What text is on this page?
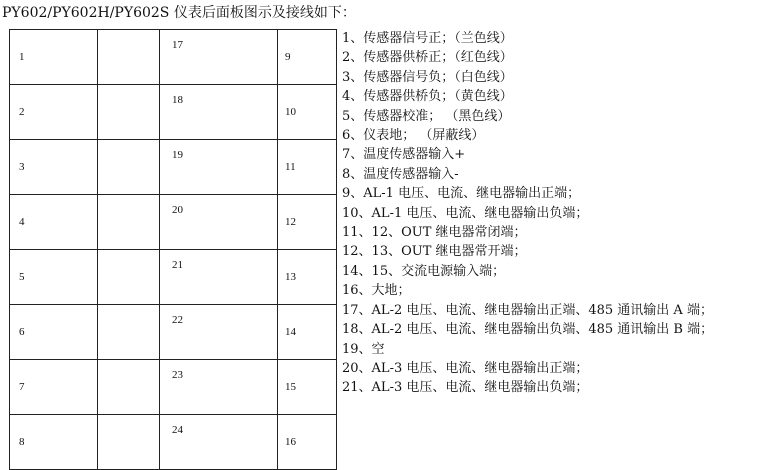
PY602/PY602H/PY602S 仪表后面板图示及接线如下：
1		17	9
2		18	10
3		19	11
4		20	12
5		21	13
6		22	14
7		23	15
8		24	16
1、传感器信号正；（兰色线）
2、传感器供桥正；（红色线）
3、传感器信号负；（白色线）
4、传感器供桥负；（黄色线）
5、传感器校准； （黑色线）
6、仪表地； （屏蔽线）
7、温度传感器输入+
8、温度传感器输入-
9、AL-1 电压、电流、继电器输出正端；
10、AL-1 电压、电流、继电器输出负端；
11、12、OUT 继电器常闭端；
12、13、OUT 继电器常开端；
14、15、交流电源输入端；
16、大地；
17、AL-2 电压、电流、继电器输出正端、485 通讯输出 A 端；
18、AL-2 电压、电流、继电器输出负端、485 通讯输出 B 端；
19、空
20、AL-3 电压、电流、继电器输出正端；
21、AL-3 电压、电流、继电器输出负端；
